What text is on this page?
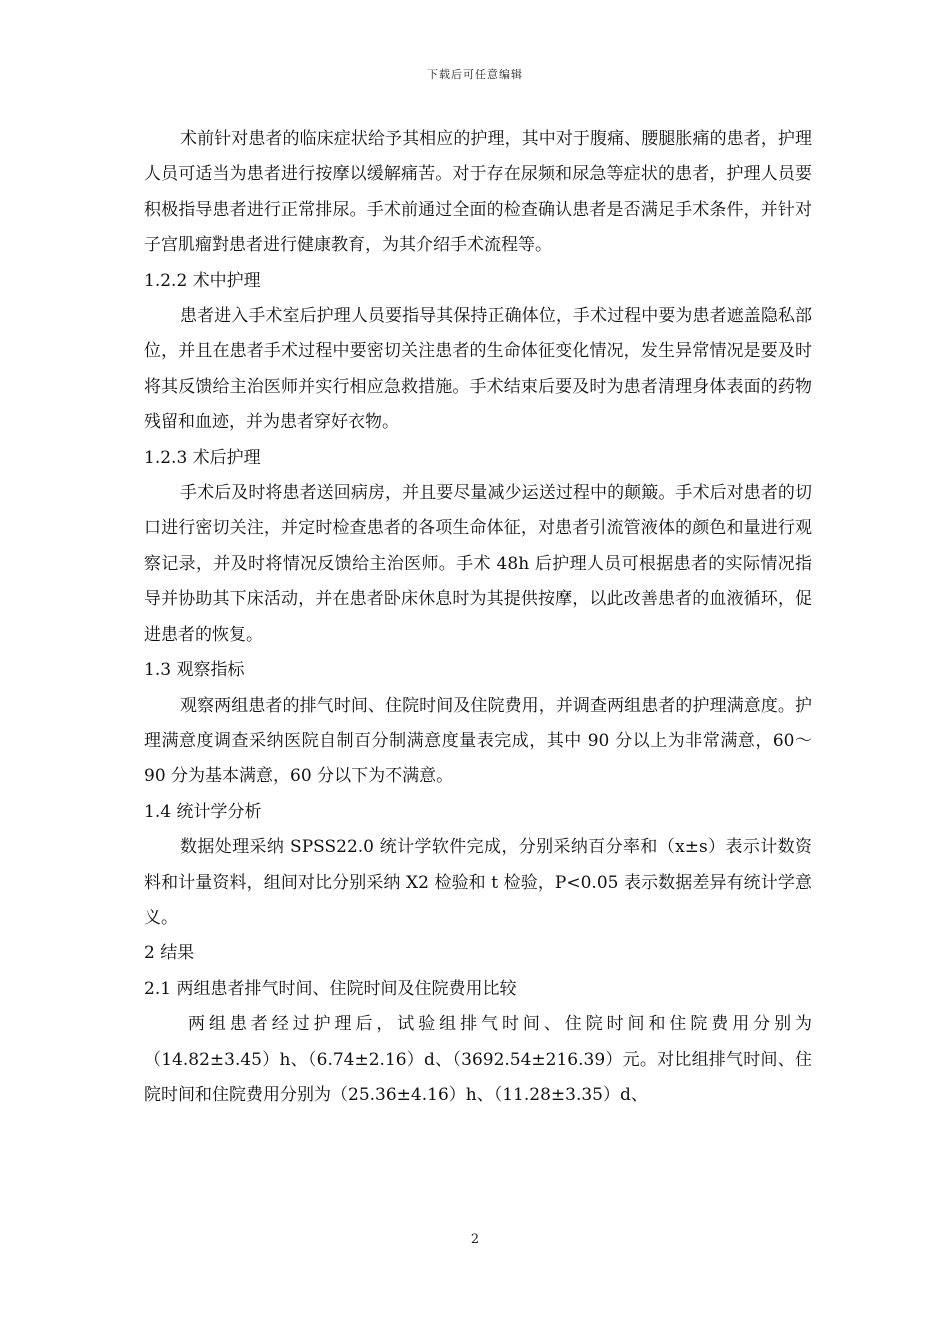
下载后可任意编辑

术前针对患者的临床症状给予其相应的护理，其中对于腹痛、腰腿胀痛的患者，护理人员可适当为患者进行按摩以缓解痛苦。对于存在尿频和尿急等症状的患者，护理人员要积极指导患者进行正常排尿。手术前通过全面的检查确认患者是否满足手术条件，并针对子宫肌瘤對患者进行健康教育，为其介绍手术流程等。

1.2.2 术中护理

患者进入手术室后护理人员要指导其保持正确体位，手术过程中要为患者遮盖隐私部位，并且在患者手术过程中要密切关注患者的生命体征变化情况，发生异常情况是要及时将其反馈给主治医师并实行相应急救措施。手术结束后要及时为患者清理身体表面的药物残留和血迹，并为患者穿好衣物。

1.2.3 术后护理

手术后及时将患者送回病房，并且要尽量减少运送过程中的颠簸。手术后对患者的切口进行密切关注，并定时检查患者的各项生命体征，对患者引流管液体的颜色和量进行观察记录，并及时将情况反馈给主治医师。手术 48h 后护理人员可根据患者的实际情况指导并协助其下床活动，并在患者卧床休息时为其提供按摩，以此改善患者的血液循环，促进患者的恢复。

1.3 观察指标

观察两组患者的排气时间、住院时间及住院费用，并调查两组患者的护理满意度。护理满意度调查采纳医院自制百分制满意度量表完成，其中 90 分以上为非常满意，60～90 分为基本满意，60 分以下为不满意。

1.4 统计学分析

数据处理采纳 SPSS22.0 统计学软件完成，分别采纳百分率和（x±s）表示计数资料和计量资料，组间对比分别采纳 X2 检验和 t 检验，P<0.05 表示数据差异有统计学意义。

2 结果

2.1 两组患者排气时间、住院时间及住院费用比较

两组患者经过护理后，试验组排气时间、住院时间和住院费用分别为（14.82±3.45）h、（6.74±2.16）d、（3692.54±216.39）元。对比组排气时间、住院时间和住院费用分别为（25.36±4.16）h、（11.28±3.35）d、

2
